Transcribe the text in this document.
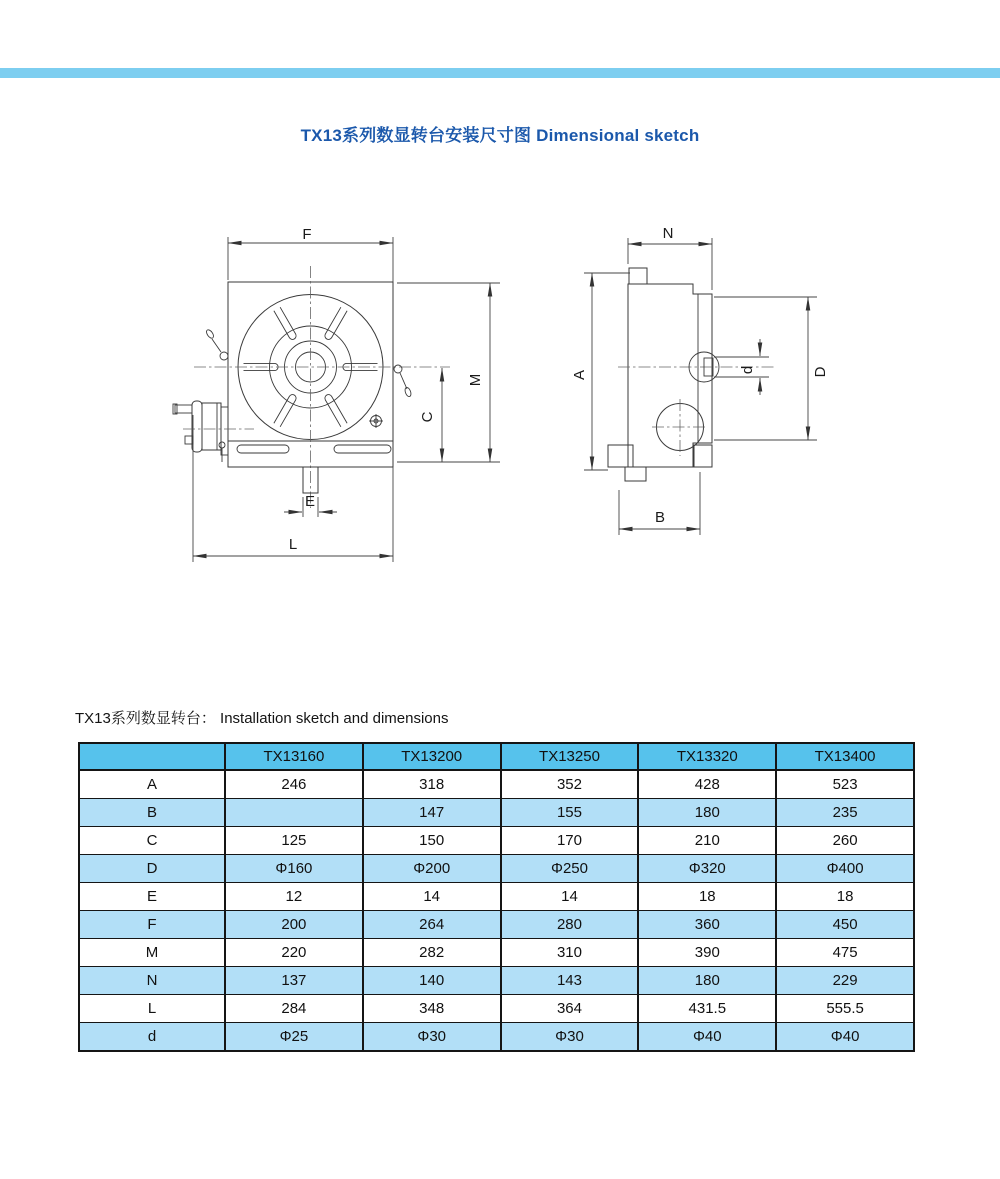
TX13系列数显转台安装尺寸图 Dimensional sketch
F
M
C
E
L
N
A	d	D
B
TX13系列数显转台： Installation sketch and dimensions
	TX13160	TX13200	TX13250	TX13320	TX13400
A	246	318	352	428	523
B		147	155	180	235
C	125	150	170	210	260
D	Φ160	Φ200	Φ250	Φ320	Φ400
E	12	14	14	18	18
F	200	264	280	360	450
M	220	282	310	390	475
N	137	140	143	180	229
L	284	348	364	431.5	555.5
d	Φ25	Φ30	Φ30	Φ40	Φ40
